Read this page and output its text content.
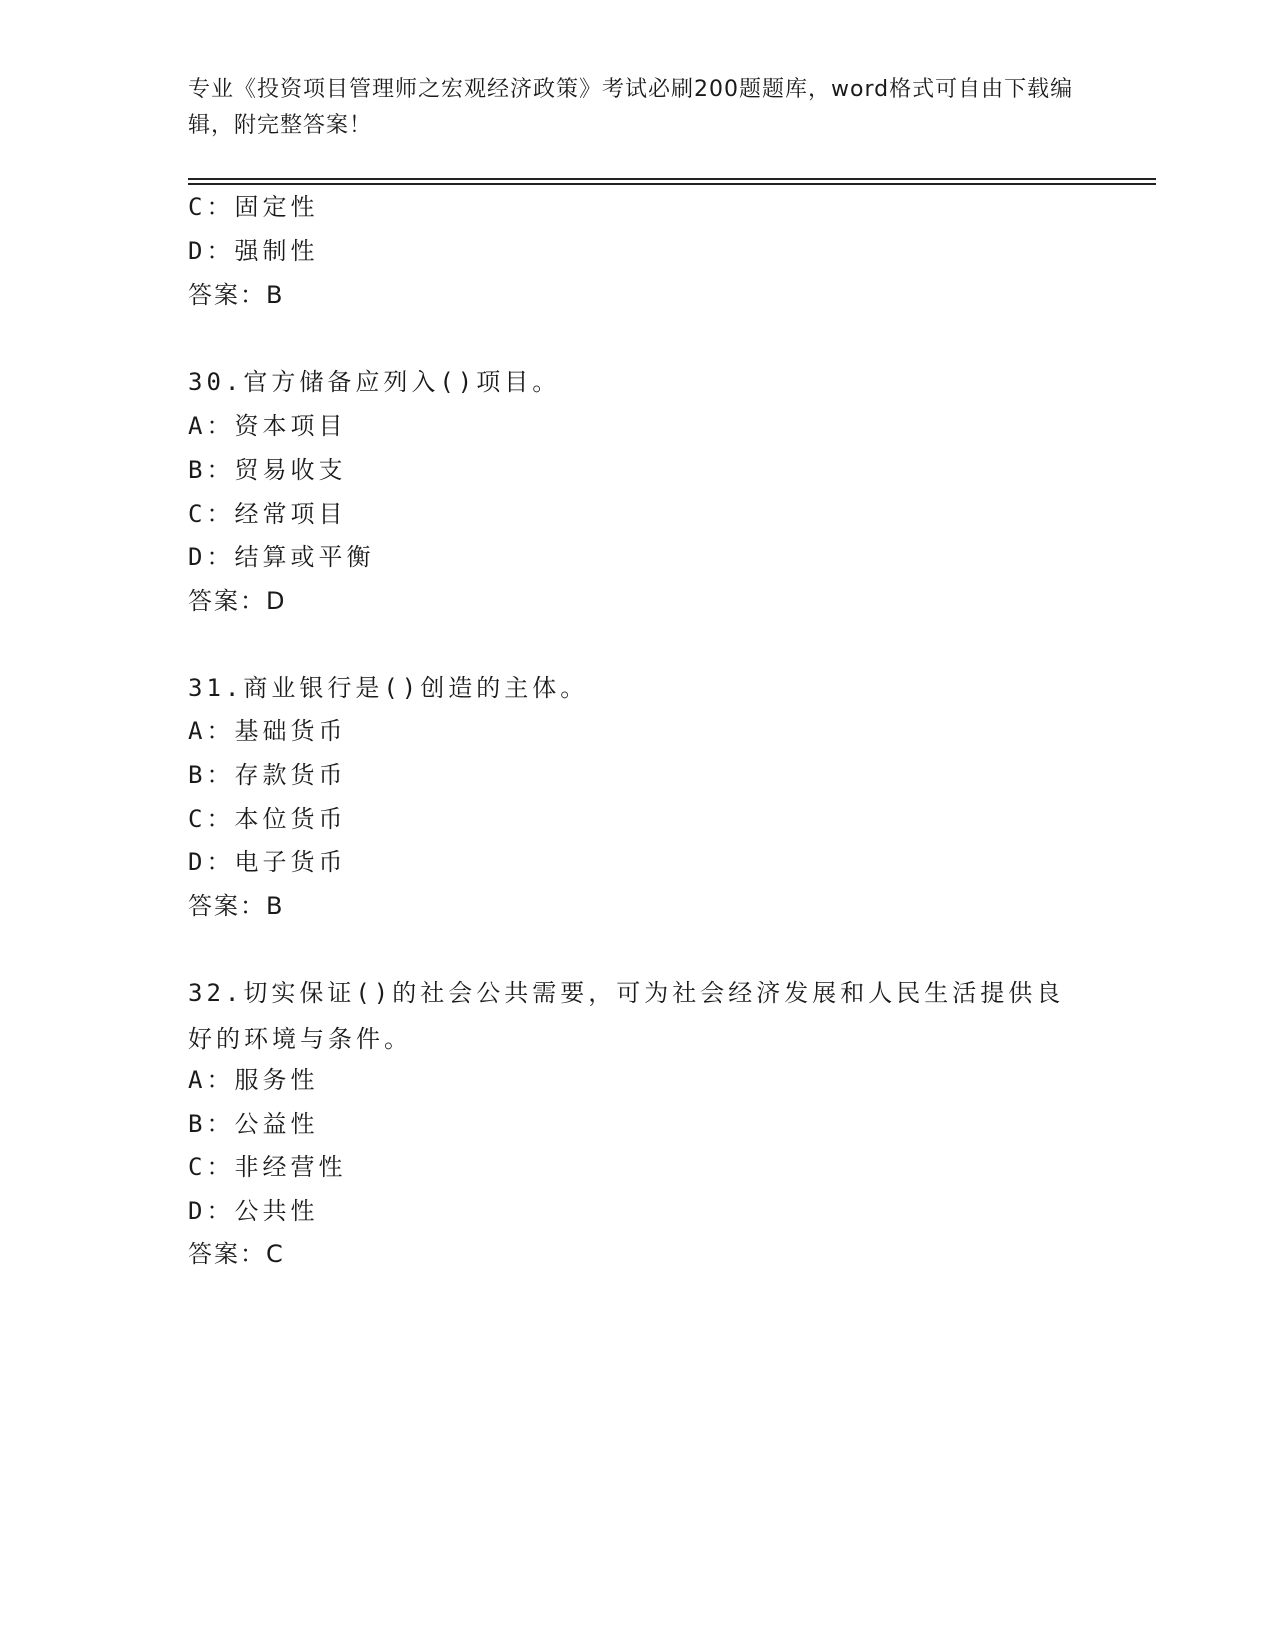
专业《投资项目管理师之宏观经济政策》考试必刷200题题库，word格式可自由下载编辑，附完整答案！
C：固定性
D：强制性
答案：B
30.官方储备应列入()项目。
A：资本项目
B：贸易收支
C：经常项目
D：结算或平衡
答案：D
31.商业银行是()创造的主体。
A：基础货币
B：存款货币
C：本位货币
D：电子货币
答案：B
32.切实保证()的社会公共需要，可为社会经济发展和人民生活提供良好的环境与条件。
A：服务性
B：公益性
C：非经营性
D：公共性
答案：C
